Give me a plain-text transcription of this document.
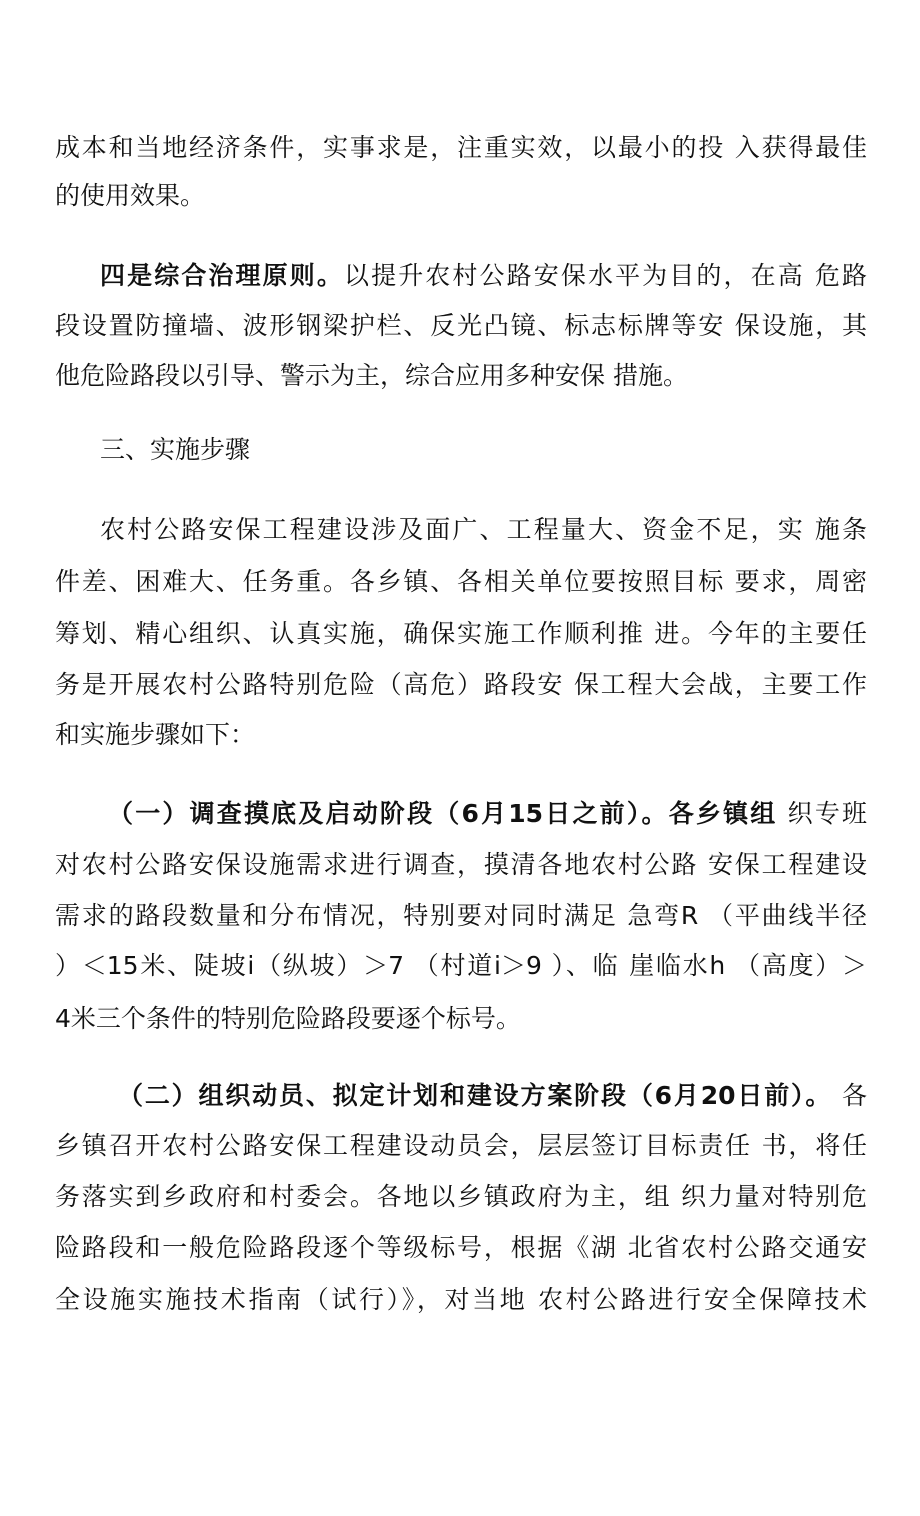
成本和当地经济条件，实事求是，注重实效，以最小的投 入获得最佳
的使用效果。
四是综合治理原则。以提升农村公路安保水平为目的，在高 危路
段设置防撞墙、波形钢梁护栏、反光凸镜、标志标牌等安 保设施，其
他危险路段以引导、警示为主，综合应用多种安保 措施。
三、实施步骤
农村公路安保工程建设涉及面广、工程量大、资金不足，实 施条
件差、困难大、任务重。各乡镇、各相关单位要按照目标 要求，周密
筹划、精心组织、认真实施，确保实施工作顺利推 进。今年的主要任
务是开展农村公路特别危险（高危）路段安 保工程大会战，主要工作
和实施步骤如下：
（一）调查摸底及启动阶段（6月15日之前）。各乡镇组 织专班
对农村公路安保设施需求进行调查，摸清各地农村公路 安保工程建设
需求的路段数量和分布情况，特别要对同时满足 急弯R （平曲线半径
）＜15米、陡坡i（纵坡）＞7 （村道i＞9 ）、临 崖临水h （高度）＞
4米三个条件的特别危险路段要逐个标号。
（二）组织动员、拟定计划和建设方案阶段（6月20日前）。 各
乡镇召开农村公路安保工程建设动员会，层层签订目标责任 书，将任
务落实到乡政府和村委会。各地以乡镇政府为主，组 织力量对特别危
险路段和一般危险路段逐个等级标号，根据《湖 北省农村公路交通安
全设施实施技术指南（试行）》，对当地 农村公路进行安全保障技术
